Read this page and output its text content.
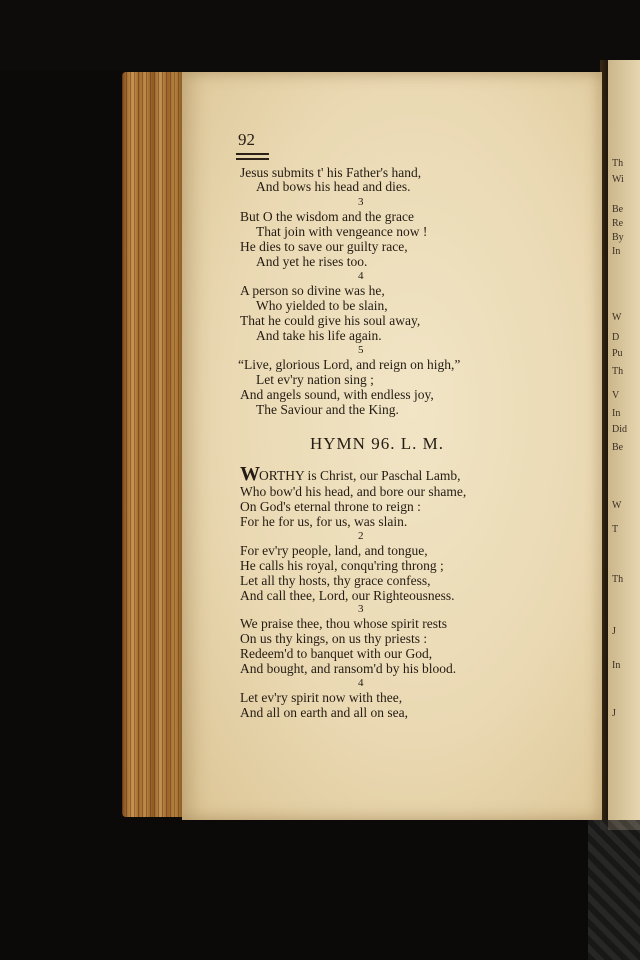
Th
Wi
Be
Re
By
In
W
D
Pu
Th
V
In
Did
Be
W
T
Th
J
In
J
92
Jesus submits t' his Father's hand,
And bows his head and dies.
3
But O the wisdom and the grace
That join with vengeance now !
He dies to save our guilty race,
And yet he rises too.
4
A person so divine was he,
Who yielded to be slain,
That he could give his soul away,
And take his life again.
5
“Live, glorious Lord, and reign on high,”
Let ev'ry nation sing ;
And angels sound, with endless joy,
The Saviour and the King.
HYMN 96. L. M.
WORTHY is Christ, our Paschal Lamb,
Who bow'd his head, and bore our shame,
On God's eternal throne to reign :
For he for us, for us, was slain.
2
For ev'ry people, land, and tongue,
He calls his royal, conqu'ring throng ;
Let all thy hosts, thy grace confess,
And call thee, Lord, our Righteousness.
3
We praise thee, thou whose spirit rests
On us thy kings, on us thy priests :
Redeem'd to banquet with our God,
And bought, and ransom'd by his blood.
4
Let ev'ry spirit now with thee,
And all on earth and all on sea,
